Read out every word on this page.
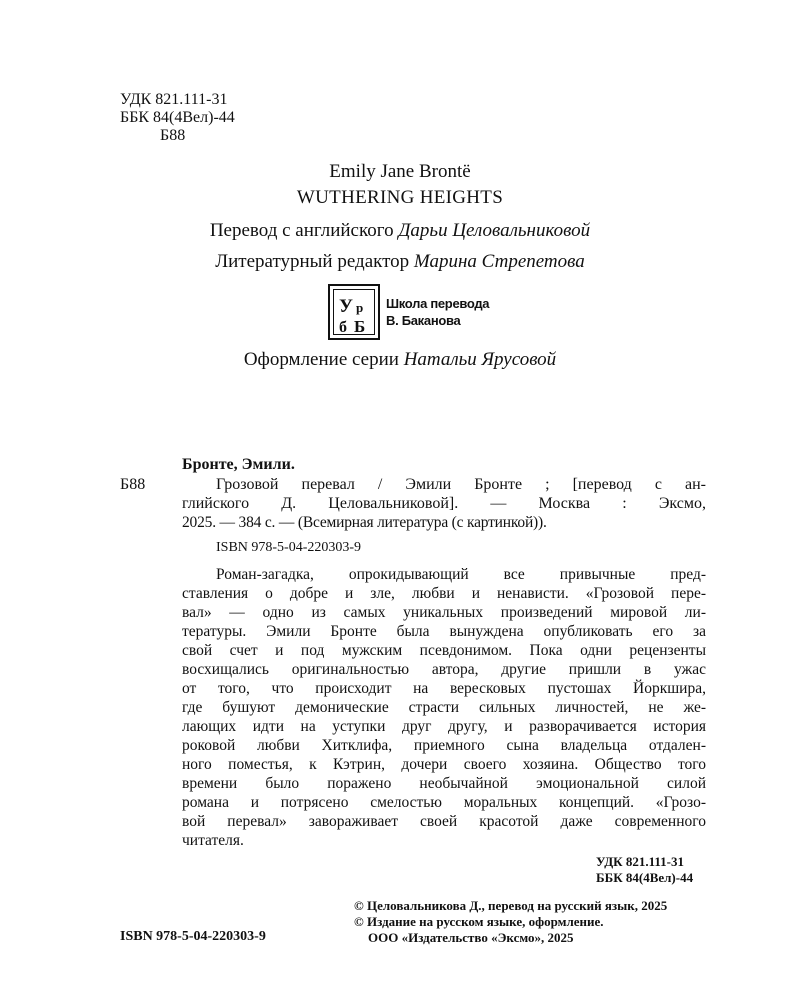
УДК 821.111-31
ББК 84(4Вел)-44
Б88
Emily Jane Brontë
WUTHERING HEIGHTS
Перевод с английского Дарьи Целовальниковой
Литературный редактор Марина Стрепетова
У р
б Б
Школа перевода
В. Баканова
Оформление серии Натальи Ярусовой
Бронте, Эмили.
Б88	Грозовой перевал / Эмили Бронте ; [перевод с ан-
глийского Д. Целовальниковой]. — Москва : Эксмо,
2025. — 384 с. — (Всемирная литература (с картинкой)).
ISBN 978-5-04-220303-9
Роман-загадка, опрокидывающий все привычные пред-
ставления о добре и зле, любви и ненависти. «Грозовой пере-
вал» — одно из самых уникальных произведений мировой ли-
тературы. Эмили Бронте была вынуждена опубликовать его за
свой счет и под мужским псевдонимом. Пока одни рецензенты
восхищались оригинальностью автора, другие пришли в ужас
от того, что происходит на вересковых пустошах Йоркшира,
где бушуют демонические страсти сильных личностей, не же-
лающих идти на уступки друг другу, и разворачивается история
роковой любви Хитклифа, приемного сына владельца отдален-
ного поместья, к Кэтрин, дочери своего хозяина. Общество того
времени было поражено необычайной эмоциональной силой
романа и потрясено смелостью моральных концепций. «Грозо-
вой перевал» завораживает своей красотой даже современного
читателя.
УДК 821.111-31
ББК 84(4Вел)-44
© Целовальникова Д., перевод на русский язык, 2025
© Издание на русском языке, оформление.
ISBN 978-5-04-220303-9	ООО «Издательство «Эксмо», 2025
